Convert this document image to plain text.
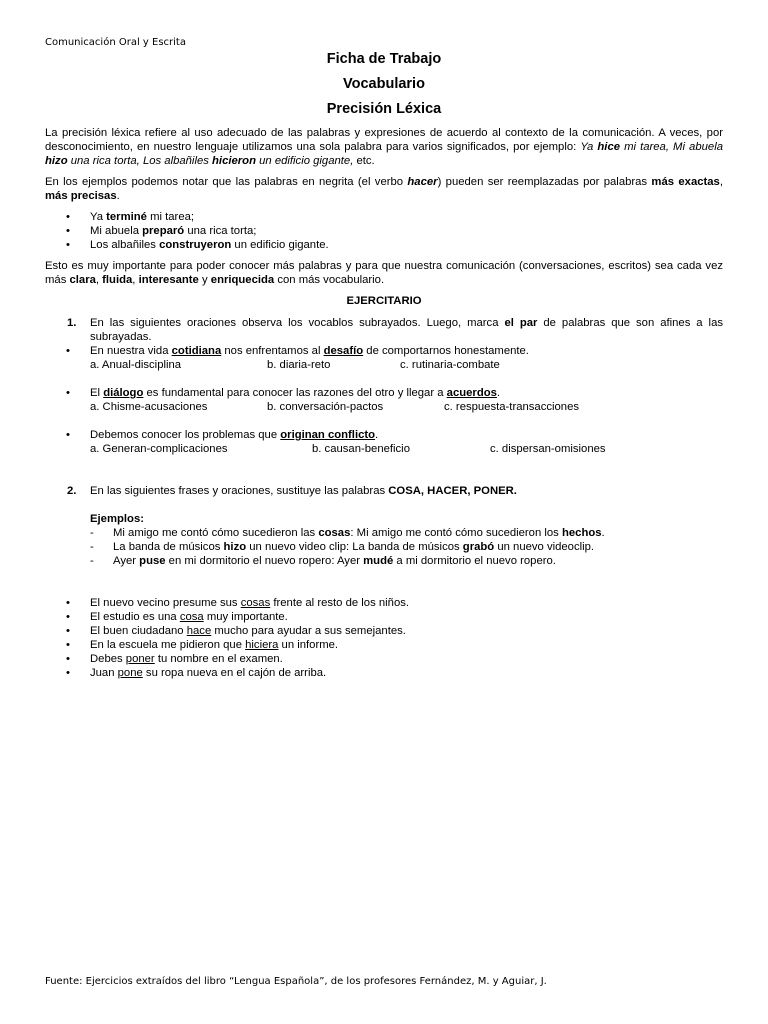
Comunicación Oral y Escrita
Ficha de Trabajo
Vocabulario
Precisión Léxica

La precisión léxica refiere al uso adecuado de las palabras y expresiones de acuerdo al contexto de la comunicación. A veces, por desconocimiento, en nuestro lenguaje utilizamos una sola palabra para varios significados, por ejemplo: Ya hice mi tarea, Mi abuela hizo una rica torta, Los albañiles hicieron un edificio gigante, etc.

En los ejemplos podemos notar que las palabras en negrita (el verbo hacer) pueden ser reemplazadas por palabras más exactas, más precisas.

• Ya terminé mi tarea;
• Mi abuela preparó una rica torta;
• Los albañiles construyeron un edificio gigante.

Esto es muy importante para poder conocer más palabras y para que nuestra comunicación (conversaciones, escritos) sea cada vez más clara, fluida, interesante y enriquecida con más vocabulario.

EJERCITARIO
1. En las siguientes oraciones observa los vocablos subrayados. Luego, marca el par de palabras que son afines a las subrayadas.
• En nuestra vida cotidiana nos enfrentamos al desafío de comportarnos honestamente.
a. Anual-disciplina	b. diaria-reto	c. rutinaria-combate
• El diálogo es fundamental para conocer las razones del otro y llegar a acuerdos.
a. Chisme-acusaciones	b. conversación-pactos	c. respuesta-transacciones
• Debemos conocer los problemas que originan conflicto.
a. Generan-complicaciones	b. causan-beneficio	c. dispersan-omisiones
2. En las siguientes frases y oraciones, sustituye las palabras COSA, HACER, PONER.
Ejemplos:
- Mi amigo me contó cómo sucedieron las cosas: Mi amigo me contó cómo sucedieron los hechos.
- La banda de músicos hizo un nuevo video clip: La banda de músicos grabó un nuevo videoclip.
- Ayer puse en mi dormitorio el nuevo ropero: Ayer mudé a mi dormitorio el nuevo ropero.
• El nuevo vecino presume sus cosas frente al resto de los niños.
• El estudio es una cosa muy importante.
• El buen ciudadano hace mucho para ayudar a sus semejantes.
• En la escuela me pidieron que hiciera un informe.
• Debes poner tu nombre en el examen.
• Juan pone su ropa nueva en el cajón de arriba.
Fuente: Ejercicios extraídos del libro “Lengua Española”, de los profesores Fernández, M. y Aguiar, J.
